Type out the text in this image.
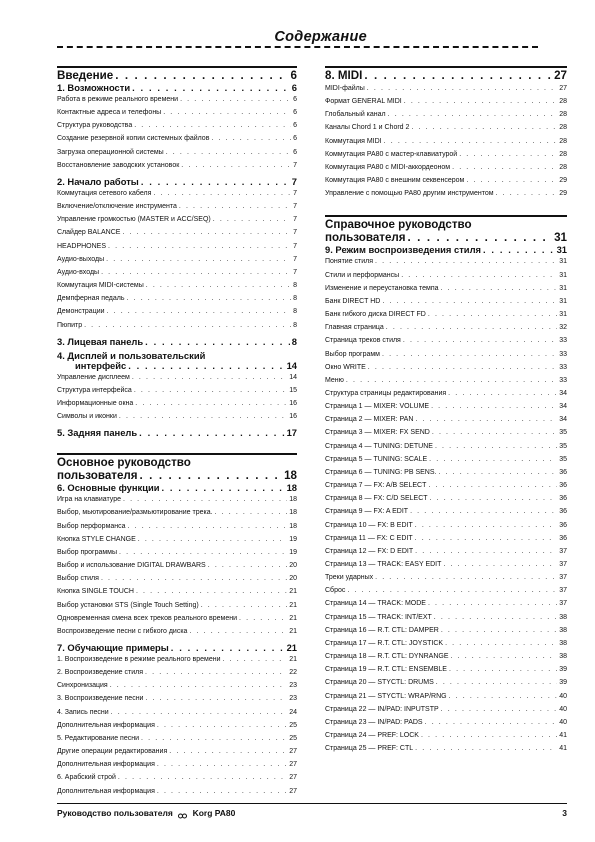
Содержание
Введение . . .	6
1. Возможности . . .	6
Работа в режиме реального времени . . .	6
Контактные адреса и телефоны . . .	6
Структура руководства . . .	6
Создание резервной копии системных файлов . . .	6
Загрузка операционной системы . . .	6
Восстановление заводских установок . . .	7
2. Начало работы . . .	7
Коммутация сетевого кабеля . . .	7
Включение/отключение инструмента . . .	7
Управление громкостью (MASTER и ACC/SEQ) . . .	7
Слайдер BALANCE . . .	7
HEADPHONES . . .	7
Аудио-выходы . . .	7
Аудио-входы . . .	7
Коммутация MIDI-системы . . .	8
Демпферная педаль . . .	8
Демонстрации . . .	8
Пюпитр . . .	8
3. Лицевая панель . . .	8
4. Дисплей и пользовательский
интерфейс . . .	14
Управление дисплеем . . .	14
Структура интерфейса . . .	15
Информационные окна . . .	16
Символы и иконки . . .	16
5. Задняя панель . . .	17
Основное руководство
пользователя . . .	18
6. Основные функции . . .	18
Игра на клавиатуре . . .	18
Выбор, мьютирование/размьютирование трека. . . .	18
Выбор перформанса . . .	18
Кнопка STYLE CHANGE . . .	19
Выбор программы . . .	19
Выбор и использование DIGITAL DRAWBARS . . .	20
Выбор стиля . . .	20
Кнопка SINGLE TOUCH . . .	21
Выбор установки STS (Single Touch Setting) . . .	21
Одновременная смена всех треков реального времени . . .	21
Воспроизведение песни с гибкого диска . . .	21
7. Обучающие примеры . . .	21
1. Воспроизведение в режиме реального времени . . .	21
2. Воспроизведение стиля . . .	22
Синхронизация . . .	23
3. Воспроизведение песни . . .	23
4. Запись песни . . .	24
Дополнительная информация . . .	25
5. Редактирование песни . . .	25
Другие операции редактирования . . .	27
Дополнительная информация . . .	27
6. Арабский строй . . .	27
Дополнительная информация . . .	27
8. MIDI . . .	27
MIDI-файлы . . .	27
Формат GENERAL MIDI . . .	28
Глобальный канал . . .	28
Каналы Chord 1 и Chord 2 . . .	28
Коммутация MIDI . . .	28
Коммутация PA80 с мастер-клавиатурой . . .	28
Коммутация PA80 с MIDI-аккордеоном . . .	28
Коммутация PA80 с внешним секвенсером . . .	29
Управление с помощью PA80 другим инструментом . . .	29
Справочное руководство
пользователя . . .	31
9. Режим воспроизведения стиля . . .	31
Понятие стиля . . .	31
Стили и перформансы . . .	31
Изменение и переустановка темпа . . .	31
Банк DIRECT HD . . .	31
Банк гибкого диска DIRECT FD . . .	31
Главная страница . . .	32
Страница треков стиля . . .	33
Выбор программ . . .	33
Окно WRITE . . .	33
Меню . . .	33
Структура страницы редактирования . . .	34
Страница 1 — MIXER: VOLUME . . .	34
Страница 2 — MIXER: PAN . . .	34
Страница 3 — MIXER: FX SEND . . .	35
Страница 4 — TUNING: DETUNE . . .	35
Страница 5 — TUNING: SCALE . . .	35
Страница 6 — TUNING: PB SENS. . . .	36
Страница 7 — FX: A/B SELECT . . .	36
Страница 8 — FX: C/D SELECT . . .	36
Страница 9 — FX: A EDIT . . .	36
Страница 10 — FX: B EDIT . . .	36
Страница 11 — FX: C EDIT . . .	36
Страница 12 — FX: D EDIT . . .	37
Страница 13 — TRACK: EASY EDIT . . .	37
Треки ударных . . .	37
Сброс . . .	37
Страница 14 — TRACK: MODE . . .	37
Страница 15 — TRACK: INT/EXT . . .	38
Страница 16 — R.T. CTL: DAMPER . . .	38
Страница 17 — R.T. CTL: JOYSTICK . . .	38
Страница 18 — R.T. CTL: DYNRANGE . . .	38
Страница 19 — R.T. CTL: ENSEMBLE . . .	39
Страница 20 — STYCTL: DRUMS . . .	39
Страница 21 — STYCTL: WRAP/RNG . . .	40
Страница 22 — IN/PAD: INPUTSTP . . .	40
Страница 23 — IN/PAD: PADS . . .	40
Страница 24 — PREF: LOCK . . .	41
Страница 25 — PREF: CTL . . .	41
Руководство пользователя Korg PA80	3
